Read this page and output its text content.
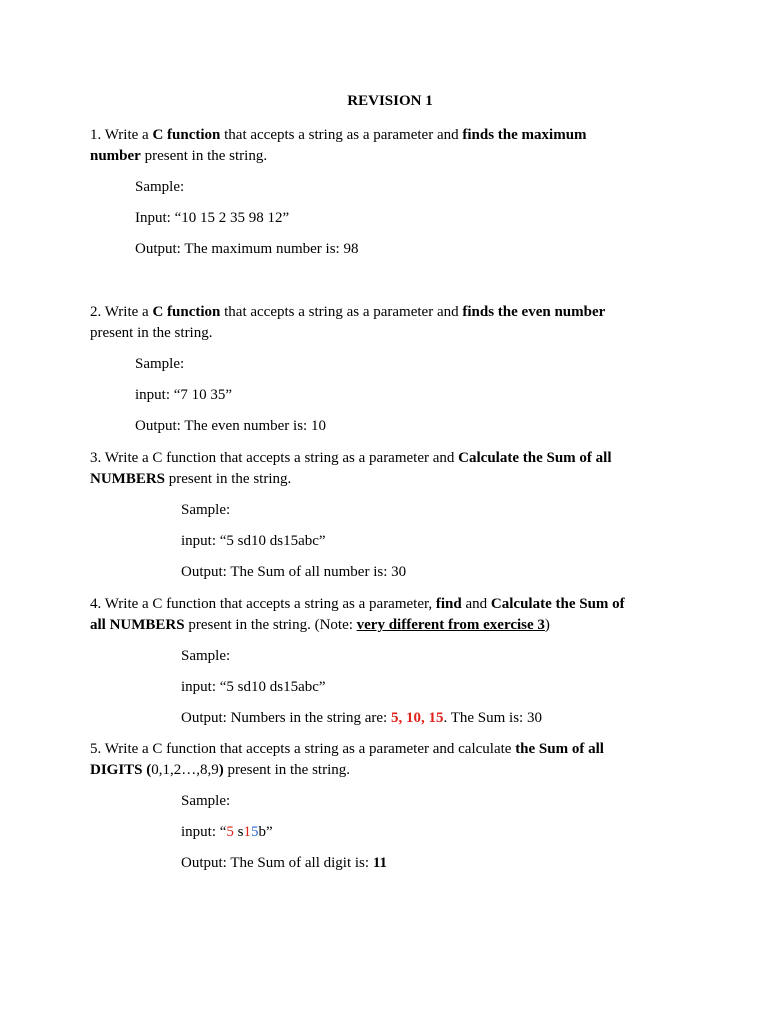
REVISION 1
1. Write a C function that accepts a string as a parameter and finds the maximum
number present in the string.
Sample:
Input: “10 15 2 35 98 12”
Output: The maximum number is: 98
2. Write a C function that accepts a string as a parameter and finds the even number
present in the string.
Sample:
input: “7 10 35”
Output: The even number is: 10
3. Write a C function that accepts a string as a parameter and Calculate the Sum of all
NUMBERS present in the string.
Sample:
input: “5 sd10 ds15abc”
Output: The Sum of all number is: 30
4. Write a C function that accepts a string as a parameter, find and Calculate the Sum of
all NUMBERS present in the string. (Note: very different from exercise 3)
Sample:
input: “5 sd10 ds15abc”
Output: Numbers in the string are: 5, 10, 15. The Sum is: 30
5. Write a C function that accepts a string as a parameter and calculate the Sum of all
DIGITS (0,1,2…,8,9) present in the string.
Sample:
input: “5 s15b”
Output: The Sum of all digit is: 11
